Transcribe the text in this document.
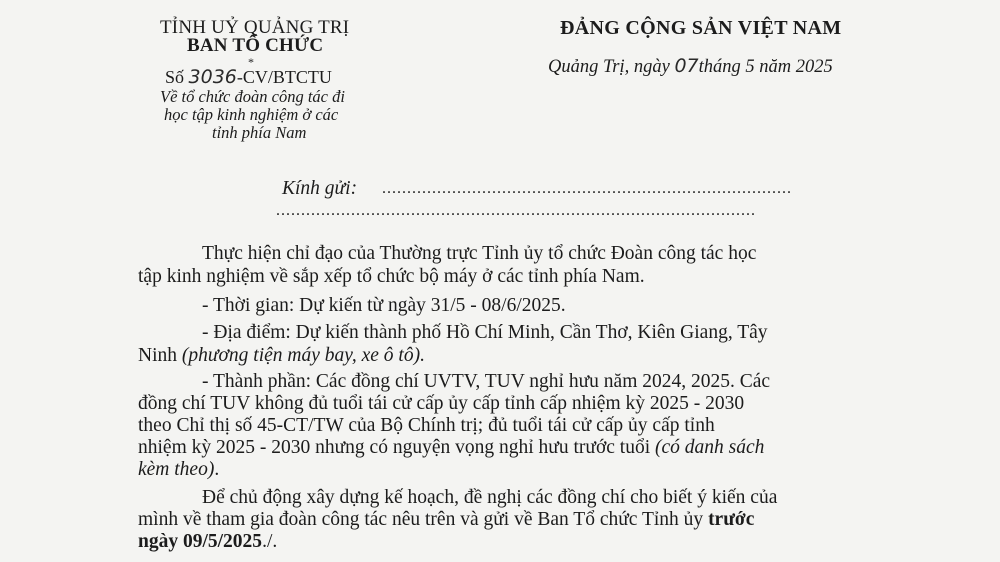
TỈNH UỶ QUẢNG TRỊ
BAN TỔ CHỨC
*
Số 3036-CV/BTCTU
Về tổ chức đoàn công tác đi
học tập kinh nghiệm ở các
tỉnh phía Nam
ĐẢNG CỘNG SẢN VIỆT NAM
Quảng Trị, ngày 07tháng 5 năm 2025
Kính gửi: ..................................................................................
................................................................................................
Thực hiện chỉ đạo của Thường trực Tỉnh ủy tổ chức Đoàn công tác học
tập kinh nghiệm về sắp xếp tổ chức bộ máy ở các tỉnh phía Nam.
- Thời gian: Dự kiến từ ngày 31/5 - 08/6/2025.
- Địa điểm: Dự kiến thành phố Hồ Chí Minh, Cần Thơ, Kiên Giang, Tây
Ninh (phương tiện máy bay, xe ô tô).
- Thành phần: Các đồng chí UVTV, TUV nghỉ hưu năm 2024, 2025. Các
đồng chí TUV không đủ tuổi tái cử cấp ủy cấp tỉnh cấp nhiệm kỳ 2025 - 2030
theo Chỉ thị số 45-CT/TW của Bộ Chính trị; đủ tuổi tái cử cấp ủy cấp tỉnh
nhiệm kỳ 2025 - 2030 nhưng có nguyện vọng nghỉ hưu trước tuổi (có danh sách
kèm theo).
Để chủ động xây dựng kế hoạch, đề nghị các đồng chí cho biết ý kiến của
mình về tham gia đoàn công tác nêu trên và gửi về Ban Tổ chức Tỉnh ủy trước
ngày 09/5/2025./.
